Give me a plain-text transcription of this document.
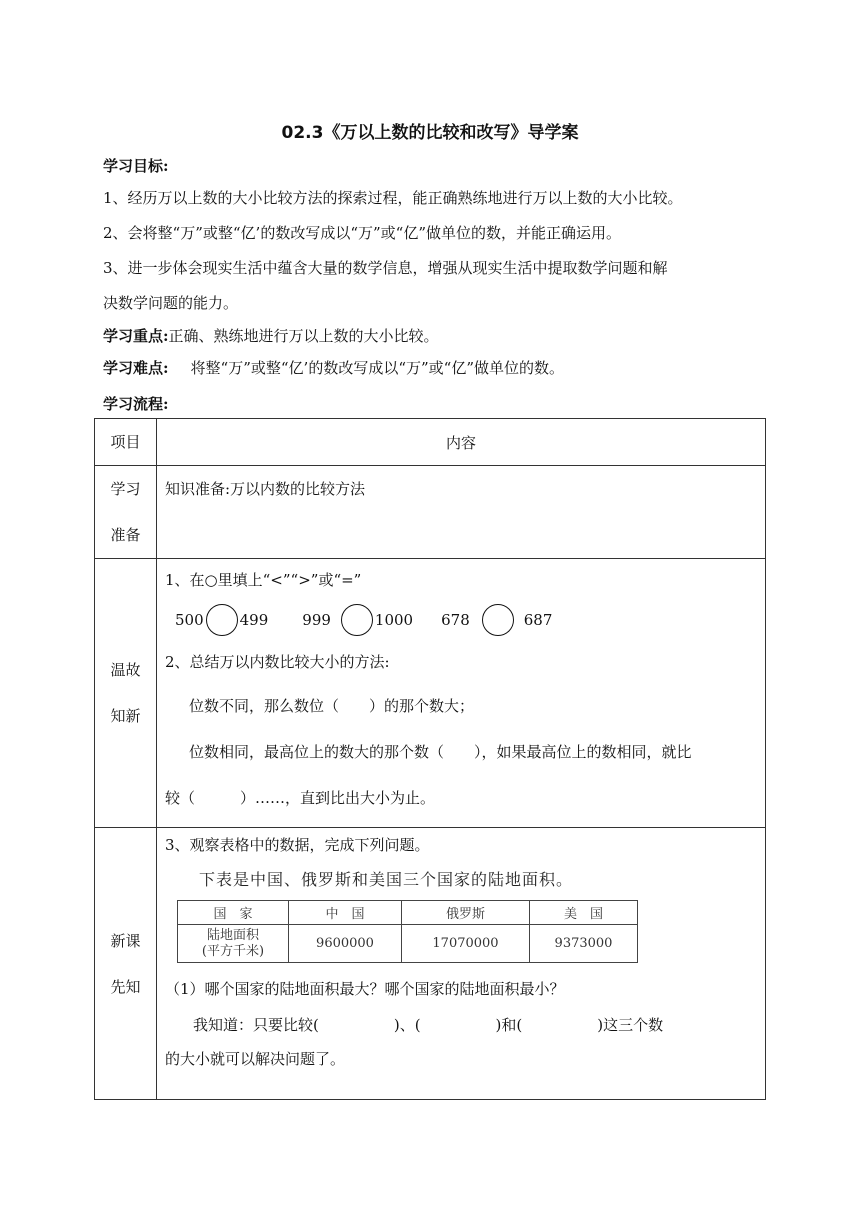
02.3《万以上数的比较和改写》导学案
学习目标:
1、经历万以上数的大小比较方法的探索过程，能正确熟练地进行万以上数的大小比较。
2、会将整“万”或整“亿’的数改写成以“万”或“亿”做单位的数，并能正确运用。
3、进一步体会现实生活中蕴含大量的数学信息，增强从现实生活中提取数学问题和解
决数学问题的能力。
学习重点:正确、熟练地进行万以上数的大小比较。
学习难点: 将整“万”或整“亿’的数改写成以“万”或“亿”做单位的数。
学习流程:
项目	内容

学习
准备

知识准备:万以内数的比较方法

温故
知新

1、在○里填上“<”“>”或“=”

500 499 999	1000 678	687

2、总结万以内数比较大小的方法:

位数不同，那么数位（　　）的那个数大；

位数相同，最高位上的数大的那个数（　　），如果最高位上的数相同，就比

较（　　　）……，直到比出大小为止。

新课
先知

3、观察表格中的数据，完成下列问题。

下表是中国、俄罗斯和美国三个国家的陆地面积。
国　家	中　国	俄罗斯	美　国

陆地面积
(平方千米)	9600000	17070000	9373000

（1）哪个国家的陆地面积最大？哪个国家的陆地面积最小？

我知道：只要比较(　　　　　)、(　　　　　)和(　　　　　)这三个数

的大小就可以解决问题了。
